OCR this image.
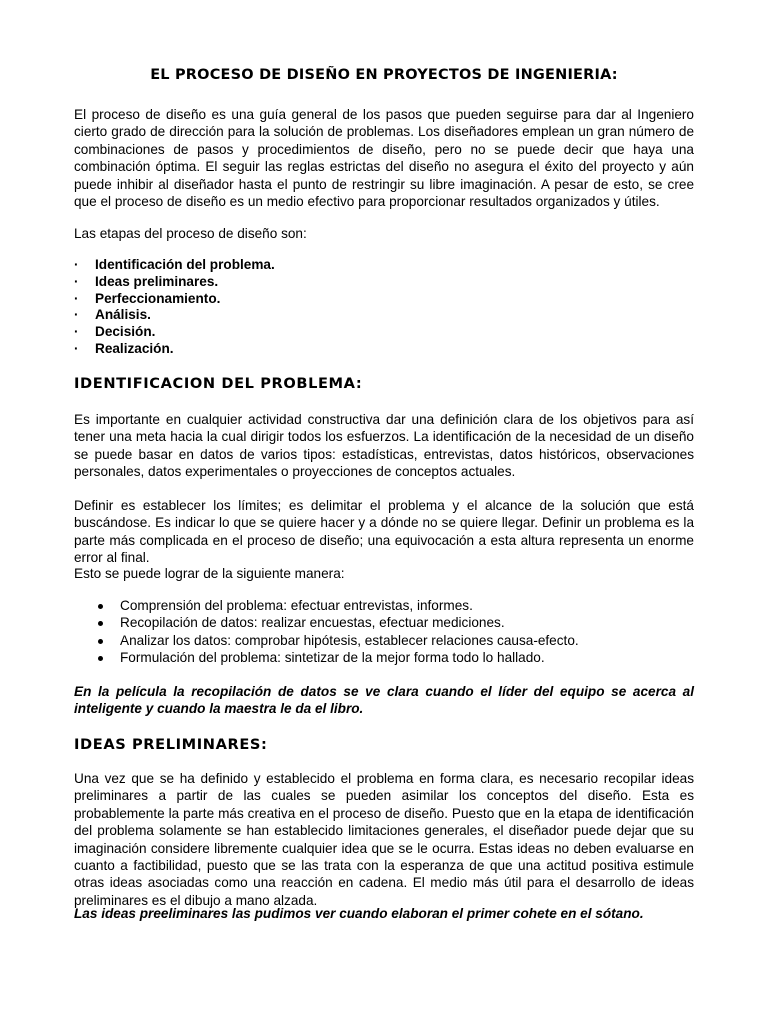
EL PROCESO DE DISEÑO EN PROYECTOS DE INGENIERIA:

El proceso de diseño es una guía general de los pasos que pueden seguirse para dar al Ingeniero cierto grado de dirección para la solución de problemas. Los diseñadores emplean un gran número de combinaciones de pasos y procedimientos de diseño, pero no se puede decir que haya una combinación óptima. El seguir las reglas estrictas del diseño no asegura el éxito del proyecto y aún puede inhibir al diseñador hasta el punto de restringir su libre imaginación. A pesar de esto, se cree que el proceso de diseño es un medio efectivo para proporcionar resultados organizados y útiles.

Las etapas del proceso de diseño son:

· Identificación del problema.
· Ideas preliminares.
· Perfeccionamiento.
· Análisis.
· Decisión.
· Realización.
IDENTIFICACION DEL PROBLEMA:

Es importante en cualquier actividad constructiva dar una definición clara de los objetivos para así tener una meta hacia la cual dirigir todos los esfuerzos. La identificación de la necesidad de un diseño se puede basar en datos de varios tipos: estadísticas, entrevistas, datos históricos, observaciones personales, datos experimentales o proyecciones de conceptos actuales.

Definir es establecer los límites; es delimitar el problema y el alcance de la solución que está buscándose. Es indicar lo que se quiere hacer y a dónde no se quiere llegar. Definir un problema es la parte más complicada en el proceso de diseño; una equivocación a esta altura representa un enorme error al final.

Esto se puede lograr de la siguiente manera:

Comprensión del problema: efectuar entrevistas, informes.
Recopilación de datos: realizar encuestas, efectuar mediciones.
Analizar los datos: comprobar hipótesis, establecer relaciones causa-efecto.
Formulación del problema: sintetizar de la mejor forma todo lo hallado.

En la película la recopilación de datos se ve clara cuando el líder del equipo se acerca al inteligente y cuando la maestra le da el libro.

IDEAS PRELIMINARES:

Una vez que se ha definido y establecido el problema en forma clara, es necesario recopilar ideas preliminares a partir de las cuales se pueden asimilar los conceptos del diseño. Esta es probablemente la parte más creativa en el proceso de diseño. Puesto que en la etapa de identificación del problema solamente se han establecido limitaciones generales, el diseñador puede dejar que su imaginación considere libremente cualquier idea que se le ocurra. Estas ideas no deben evaluarse en cuanto a factibilidad, puesto que se las trata con la esperanza de que una actitud positiva estimule otras ideas asociadas como una reacción en cadena. El medio más útil para el desarrollo de ideas preliminares es el dibujo a mano alzada.

Las ideas preeliminares las pudimos ver cuando elaboran el primer cohete en el sótano.
